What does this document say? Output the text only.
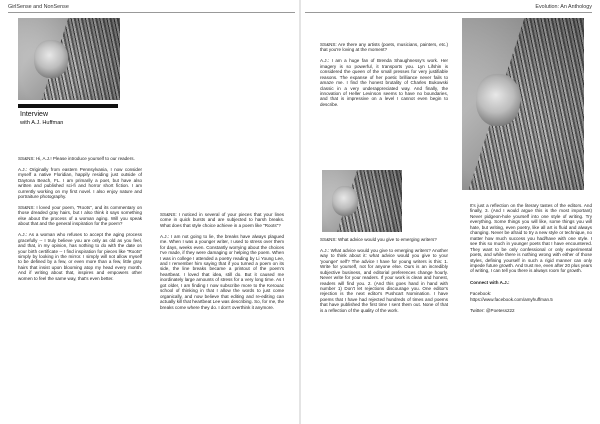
GirlSense and NonSense	Evolution: An Anthology
Interview
with A.J. Huffman

SS&NS: Hi, A.J.! Please introduce yourself to our readers.

A.J.: Originally from eastern Pennsylvania, I now consider myself a native Floridian, happily residing just outside of Daytona Beach, FL. I am primarily a poet, but have also written and published sci-fi and horror short fiction. I am currently working on my first novel. I also enjoy nature and portraiture photography.

SS&NS: I loved your poem, "Roots", and its commentary on those dreaded gray hairs, but I also think it says something else about the process of a woman aging. Will you speak about that and the general inspiration for the poem?

A.J.: As a woman who refuses to accept the aging process gracefully -- I truly believe you are only as old as you feel, and that, in my opinion, has nothing to do with the date on your birth certificate -- I find inspiration for pieces like "Roots" simply by looking in the mirror. I simply will not allow myself to be defined by a few, or even more than a few, little gray hairs that insist upon blooming atop my head every month. And if writing about that, inspires and empowers other women to feel the same way, that's even better.

SS&NS: I noticed in several of your pieces that your lines come in quick bursts and are subjected to harsh breaks. What does that style choice achieve in a poem like "Roots"?

A.J.: I am not going to lie, the breaks have always plagued me. When I was a younger writer, I used to stress over them for days, weeks even. Constantly worrying about the choices I've made, if they were damaging or helping the poem. When I was in college I attended a poetry reading by Li Young Lee, and I remember him saying that if you turned a poem on its side, the line breaks became a printout of the poem's heartbeat. I loved that idea, still do. But it caused me inordinately large amounts of stress for a very long time. As I got older, I am finding I now subscribe more to the Kerouac school of thinking in that I allow the words to just come organically, and now believe that editing and re-editing can actually kill that heartbeat Lee was describing. So, for me, the breaks come where they do. I don't overthink it anymore.

SS&NS: Are there any artists (poets, musicians, painters, etc.) that you're loving at the moment?

A.J.: I am a huge fan of Brenda Shaughnessy's work. Her imagery is so powerful, it transports you. Lyn Lifshin is considered the queen of the small presses for very justifiable reasons. The expanse of her poetic brilliance never fails to amaze me. I find the honest brutality of Charles Bukowski classic in a very underappreciated way. And finally, the innovation of Heller Levinson seems to have no boundaries, and that is impressive on a level I cannot even begin to describe.

SS&NS: What advice would you give to emerging writers?

A.J.: What advice would you give to emerging writers? Another way to think about it: what advice would you give to your 'younger' self? The advice I have for young writers is this: 1. Write for yourself, not for anyone else. Ours is an incredibly subjective business, and editorial preferences change hourly. Never write for your readers. If your work is clean and honest, readers will find you. 2. (And this goes hand in hand with number 1) Don't let rejections discourage you. One editor's rejection is the next editor's Pushcart Nomination. I have poems that I have had rejected hundreds of times and poems that have published the first time I sent them out. None of that is a reflection of the quality of the work.

It's just a reflection on the literary tastes of the editors. And finally, 3. (And I would argue this is the most important) Never pidgeon-hole yourself into one style of writing. Try everything. Some things you will like, some things you will hate, but writing, even poetry, like all art is fluid and always changing. Never be afraid to try a new style or technique, no matter how much success you had/have with one style. I see this so much in younger poets that I have encountered. They want to be only confessional or only experimental poets, and while there is nothing wrong with either of those styles, defining yourself in such a rigid manner can only impede future growth. And trust me, even after 20 plus years of writing, I can tell you there is always room for growth.

Connect with A.J.:

Facebook:

https://www.facebook.com/amyhuffman.5

Twitter: @Poetess222
